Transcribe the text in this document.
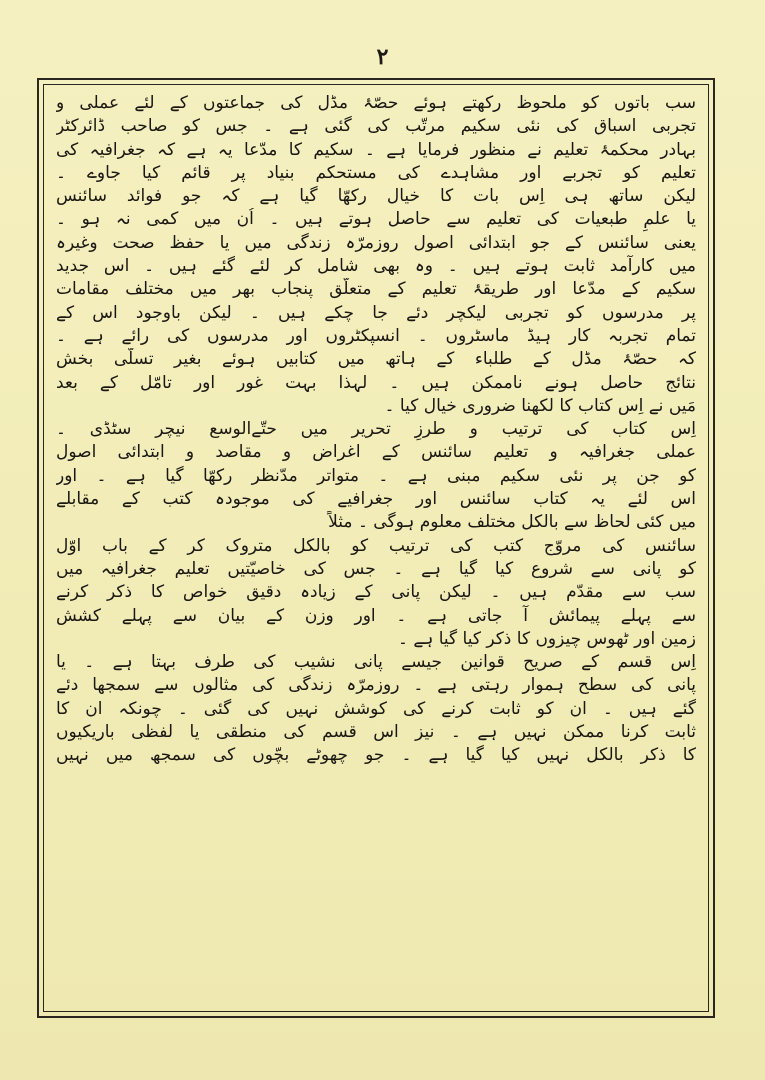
۲
سب باتوں کو ملحوظ رکھتے ہوئے حصّۂ مڈل کی جماعتوں کے لئے عملی و
تجربی اسباق کی نئی سکیم مرتّب کی گئی ہے ۔ جس کو صاحب ڈائرکٹر
بہادر محکمۂ تعلیم نے منظور فرمایا ہے ۔ سکیم کا مدّعا یہ ہے کہ جغرافیہ کی
تعلیم کو تجربے اور مشاہدے کی مستحکم بنیاد پر قائم کیا جاوے ۔
لیکن ساتھ ہی اِس بات کا خیال رکھّا گیا ہے کہ جو فوائد سائنس
یا علمِ طبعیات کی تعلیم سے حاصل ہوتے ہیں ۔ اُن میں کمی نہ ہو ۔
یعنی سائنس کے جو ابتدائی اصول روزمرّہ زندگی میں یا حفظ صحت وغیرہ
میں کارآمد ثابت ہوتے ہیں ۔ وہ بھی شامل کر لئے گئے ہیں ۔ اس جدید
سکیم کے مدّعا اور طریقۂ تعلیم کے متعلّق پنجاب بھر میں مختلف مقامات
پر مدرسوں کو تجربی لیکچر دئے جا چکے ہیں ۔ لیکن باوجود اس کے
تمام تجربہ کار ہیڈ ماسٹروں ۔ انسپکٹروں اور مدرسوں کی رائے ہے ۔
کہ حصّۂ مڈل کے طلباء کے ہاتھ میں کتابیں ہوئے بغیر تسلّی بخش
نتائج حاصل ہونے ناممکن ہیں ۔ لہذا بہت غور اور تامّل کے بعد
مَیں نے اِس کتاب کا لکھنا ضروری خیال کیا ۔
اِس کتاب کی ترتیب و طرزِ تحریر میں حتّےالوسع نیچر سٹڈی ۔
عملی جغرافیہ و تعلیم سائنس کے اغراض و مقاصد و ابتدائی اصول
کو جن پر نئی سکیم مبنی ہے ۔ متواتر مدّنظر رکھّا گیا ہے ۔ اور
اس لئے یہ کتاب سائنس اور جغرافیے کی موجودہ کتب کے مقابلے
میں کئی لحاظ سے بالکل مختلف معلوم ہوگی ۔ مثلاً
سائنس کی مروّج کتب کی ترتیب کو بالکل متروک کر کے باب اوّل
کو پانی سے شروع کیا گیا ہے ۔ جس کی خاصیّتیں تعلیم جغرافیہ میں
سب سے مقدّم ہیں ۔ لیکن پانی کے زیادہ دقیق خواص کا ذکر کرنے
سے پہلے پیمائش آ جاتی ہے ۔ اور وزن کے بیان سے پہلے کشش
زمین اور ٹھوس چیزوں کا ذکر کیا گیا ہے ۔
اِس قسم کے صریح قوانین جیسے پانی نشیب کی طرف بہتا ہے ۔ یا
پانی کی سطح ہموار رہتی ہے ۔ روزمرّہ زندگی کی مثالوں سے سمجھا دئے
گئے ہیں ۔ ان کو ثابت کرنے کی کوشش نہیں کی گئی ۔ چونکہ ان کا
ثابت کرنا ممکن نہیں ہے ۔ نیز اس قسم کی منطقی یا لفظی باریکیوں
کا ذکر بالکل نہیں کیا گیا ہے ۔ جو چھوٹے بچّوں کی سمجھ میں نہیں
